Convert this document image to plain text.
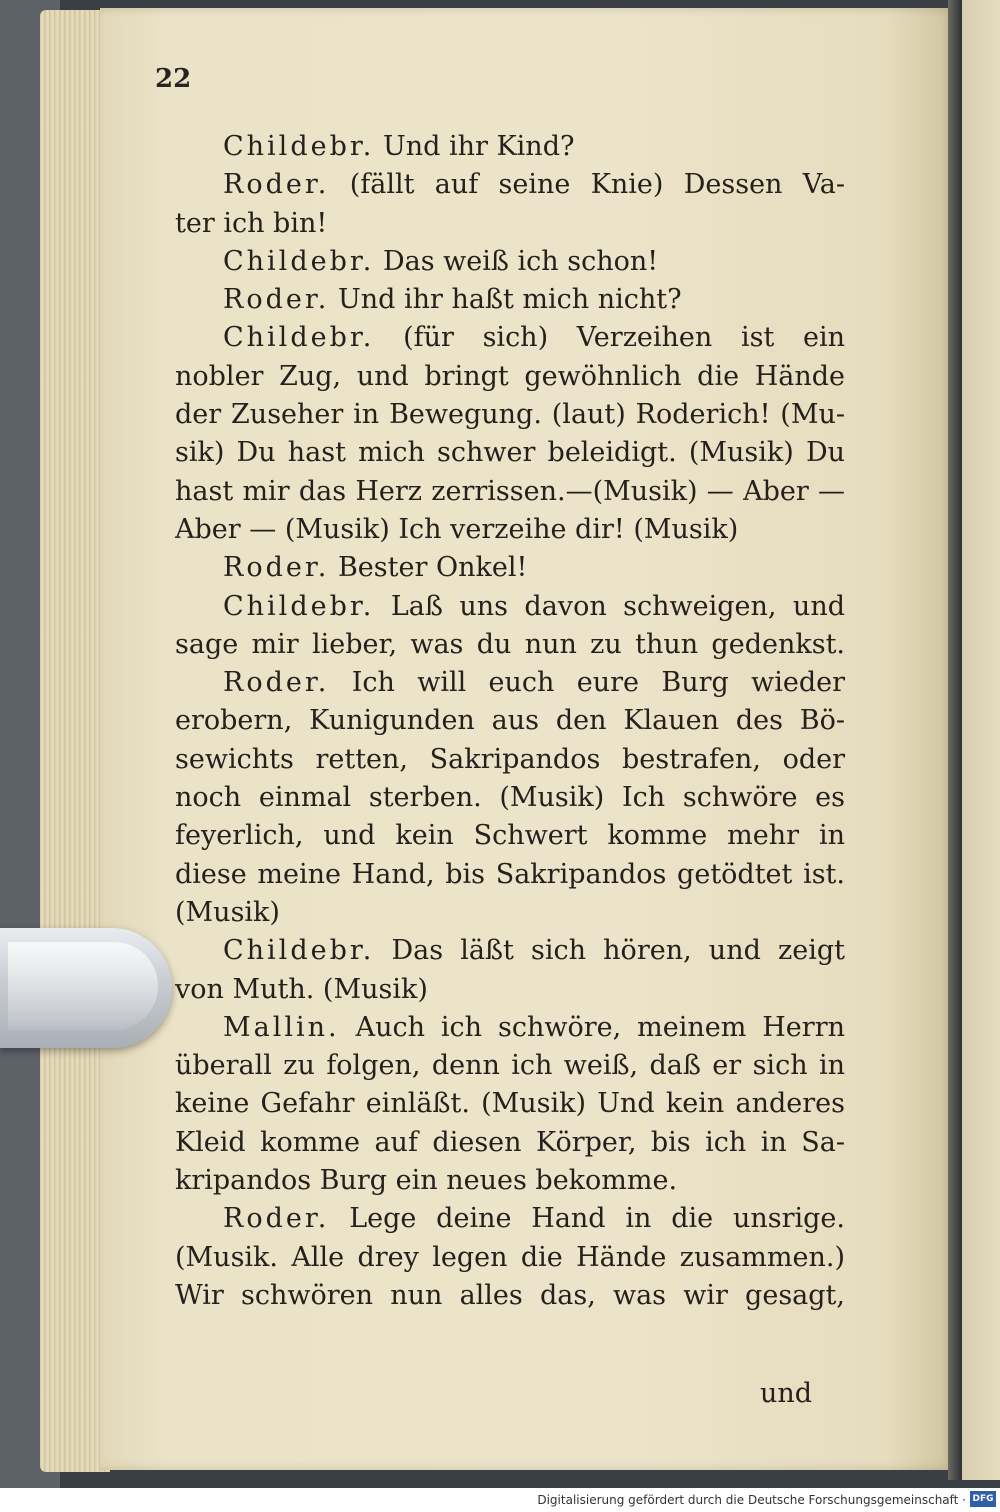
22
Childebr. Und ihr Kind?
Roder. (fällt auf seine Knie) Dessen Va-
ter ich bin!
Childebr. Das weiß ich schon!
Roder. Und ihr haßt mich nicht?
Childebr. (für sich) Verzeihen ist ein
nobler Zug, und bringt gewöhnlich die Hände
der Zuseher in Bewegung. (laut) Roderich! (Mu-
sik) Du hast mich schwer beleidigt. (Musik) Du
hast mir das Herz zerrissen.—(Musik) — Aber —
Aber — (Musik) Ich verzeihe dir! (Musik)
Roder. Bester Onkel!
Childebr. Laß uns davon schweigen, und
sage mir lieber, was du nun zu thun gedenkst.
Roder. Ich will euch eure Burg wieder
erobern, Kunigunden aus den Klauen des Bö-
sewichts retten, Sakripandos bestrafen, oder
noch einmal sterben. (Musik) Ich schwöre es
feyerlich, und kein Schwert komme mehr in
diese meine Hand, bis Sakripandos getödtet ist.
(Musik)
Childebr. Das läßt sich hören, und zeigt
von Muth. (Musik)
Mallin. Auch ich schwöre, meinem Herrn
überall zu folgen, denn ich weiß, daß er sich in
keine Gefahr einläßt. (Musik) Und kein anderes
Kleid komme auf diesen Körper, bis ich in Sa-
kripandos Burg ein neues bekomme.
Roder. Lege deine Hand in die unsrige.
(Musik. Alle drey legen die Hände zusammen.)
Wir schwören nun alles das, was wir gesagt,
und
Digitalisierung gefördert durch die Deutsche Forschungsgemeinschaft · DFG
